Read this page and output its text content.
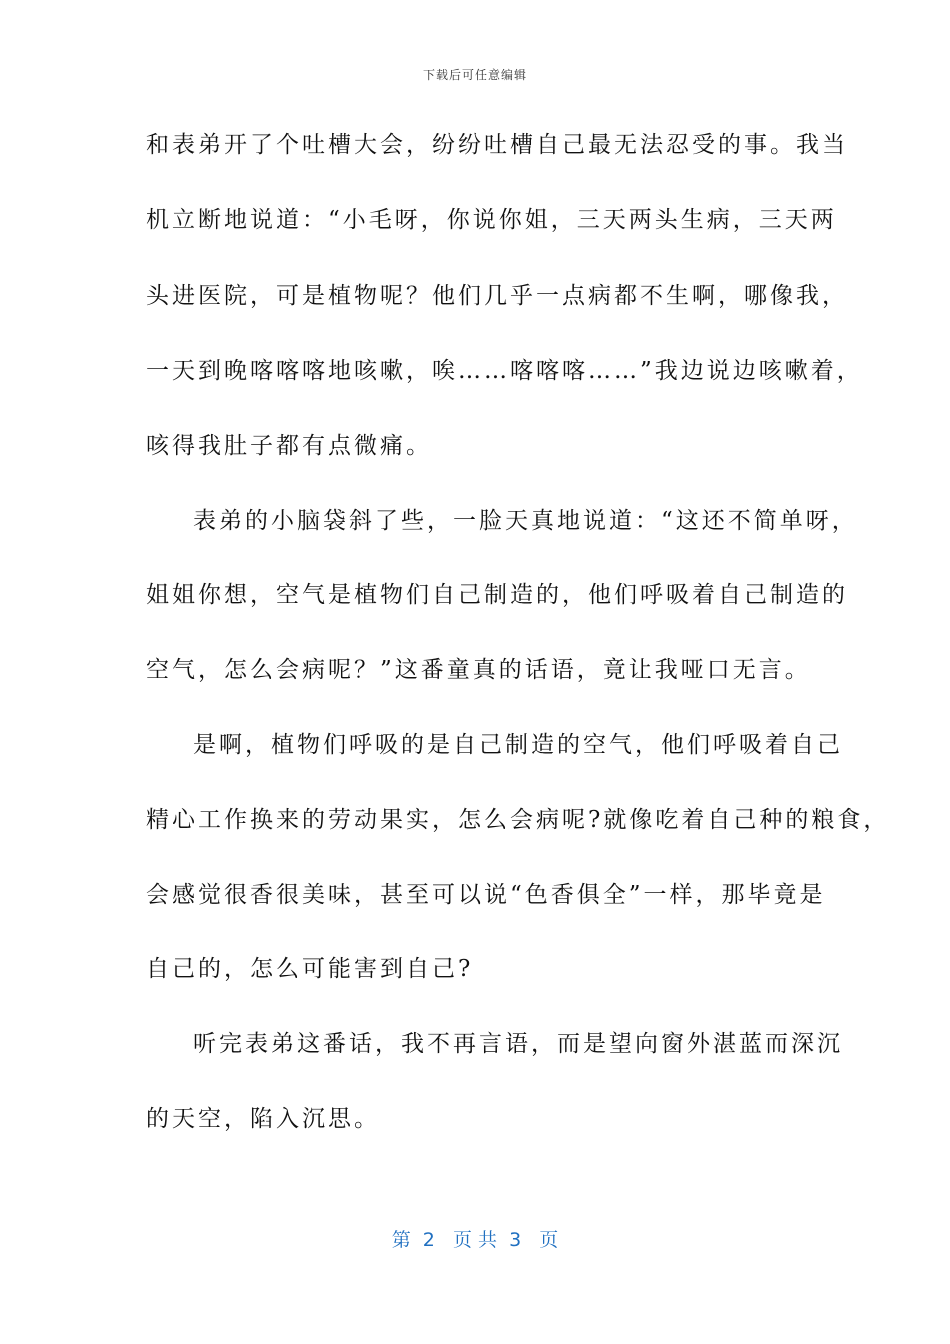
下载后可任意编辑
和表弟开了个吐槽大会，纷纷吐槽自己最无法忍受的事。我当
机立断地说道：“小毛呀，你说你姐，三天两头生病，三天两
头进医院，可是植物呢？他们几乎一点病都不生啊，哪像我，
一天到晚喀喀喀地咳嗽，唉……喀喀喀……”我边说边咳嗽着，
咳得我肚子都有点微痛。
表弟的小脑袋斜了些，一脸天真地说道：“这还不简单呀，
姐姐你想，空气是植物们自己制造的，他们呼吸着自己制造的
空气，怎么会病呢？”这番童真的话语，竟让我哑口无言。
是啊，植物们呼吸的是自己制造的空气，他们呼吸着自己
精心工作换来的劳动果实，怎么会病呢?就像吃着自己种的粮食，
会感觉很香很美味，甚至可以说“色香俱全”一样，那毕竟是
自己的，怎么可能害到自己?
听完表弟这番话，我不再言语，而是望向窗外湛蓝而深沉
的天空，陷入沉思。
第  2   页 共  3   页
